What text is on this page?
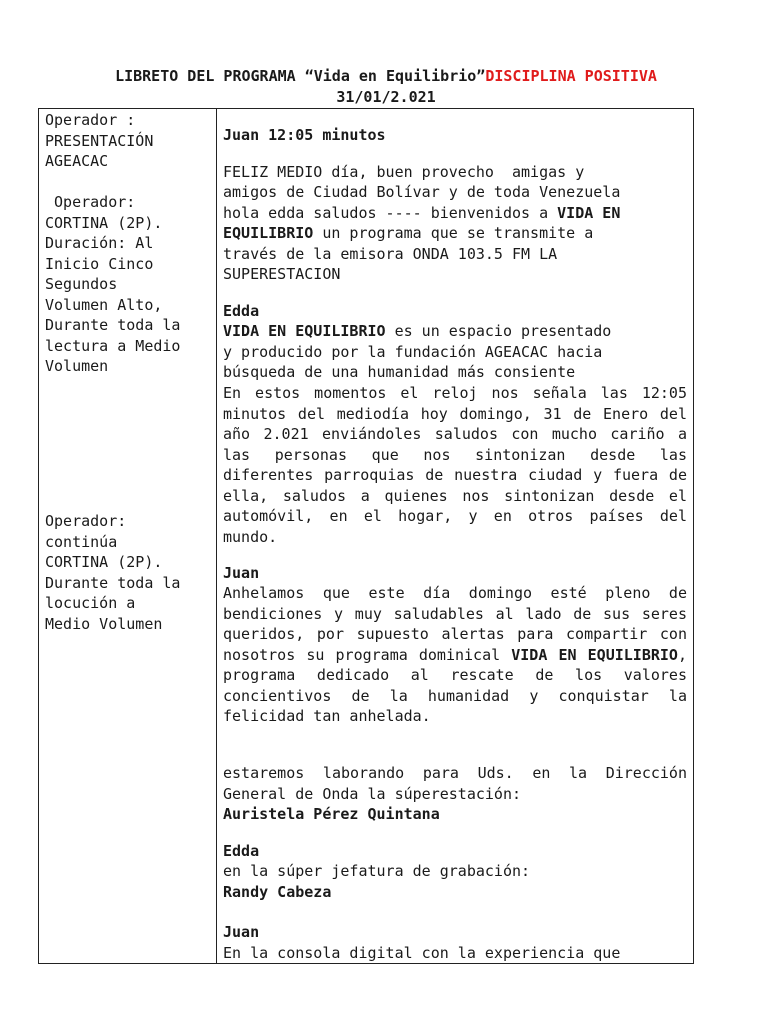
LIBRETO DEL PROGRAMA “Vida en Equilibrio”DISCIPLINA POSITIVA
31/01/2.021

Operador :
PRESENTACIÓN
AGEACAC

Operador:
CORTINA (2P).
Duración: Al
Inicio Cinco
Segundos
Volumen Alto,
Durante toda la
lectura a Medio
Volumen

Operador:
continúa
CORTINA (2P).
Durante toda la
locución a
Medio Volumen

Juan 12:05 minutos

FELIZ MEDIO día, buen provecho  amigas y

amigos de Ciudad Bolívar y de toda Venezuela

hola edda saludos ---- bienvenidos a VIDA EN

EQUILIBRIO un programa que se transmite a

través de la emisora ONDA 103.5 FM LA

SUPERESTACION

Edda

VIDA EN EQUILIBRIO es un espacio presentado

y producido por la fundación AGEACAC hacia

búsqueda de una humanidad más consiente

En estos momentos el reloj nos señala las 12:05 minutos del mediodía hoy domingo, 31 de Enero del año 2.021 enviándoles saludos con mucho cariño a las personas que nos sintonizan desde las diferentes parroquias de nuestra ciudad y fuera de ella, saludos a quienes nos sintonizan desde el automóvil, en el hogar, y en otros países del mundo.

Juan

Anhelamos que este día domingo esté pleno de bendiciones y muy saludables al lado de sus seres queridos, por supuesto alertas para compartir con nosotros su programa dominical VIDA EN EQUILIBRIO, programa dedicado al rescate de los valores concientivos de la humanidad y conquistar la felicidad tan anhelada.

estaremos laborando para Uds. en la Dirección General de Onda la súperestación:

Auristela Pérez Quintana

Edda

en la súper jefatura de grabación:

Randy Cabeza

Juan

En la consola digital con la experiencia que
